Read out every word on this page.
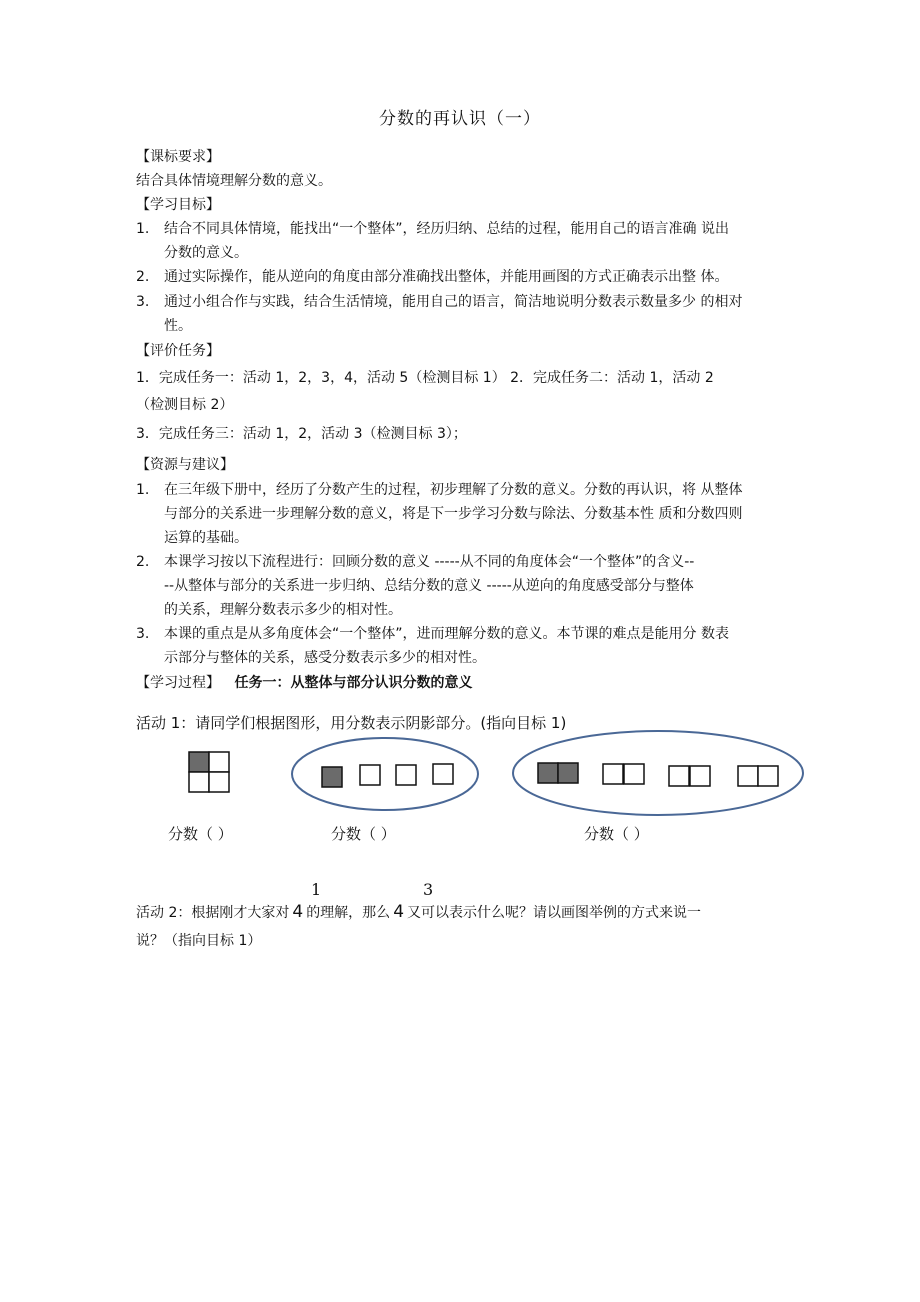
分数的再认识（一）
【课标要求】
结合具体情境理解分数的意义。
【学习目标】
1. 结合不同具体情境，能找出“一个整体”，经历归纳、总结的过程，能用自己的语言准确 说出
分数的意义。
2. 通过实际操作，能从逆向的角度由部分准确找出整体，并能用画图的方式正确表示出整 体。
3. 通过小组合作与实践，结合生活情境，能用自己的语言，简洁地说明分数表示数量多少 的相对
性。
【评价任务】
1．完成任务一：活动 1，2，3，4，活动 5（检测目标 1） 2．完成任务二：活动 1，活动 2
（检测目标 2）
3．完成任务三：活动 1，2，活动 3（检测目标 3）；
【资源与建议】
1. 在三年级下册中，经历了分数产生的过程，初步理解了分数的意义。分数的再认识，将 从整体
与部分的关系进一步理解分数的意义，将是下一步学习分数与除法、分数基本性 质和分数四则
运算的基础。
2. 本课学习按以下流程进行：回顾分数的意义 -----从不同的角度体会“一个整体”的含义--
--从整体与部分的关系进一步归纳、总结分数的意义 -----从逆向的角度感受部分与整体
的关系，理解分数表示多少的相对性。
3. 本课的重点是从多角度体会“一个整体”，进而理解分数的意义。本节课的难点是能用分 数表
示部分与整体的关系，感受分数表示多少的相对性。
【学习过程】 任务一：从整体与部分认识分数的意义
活动 1：请同学们根据图形，用分数表示阴影部分。(指向目标 1)
分数（ ）	分数（ ）	分数（ ）
1	3
活动 2：根据刚才大家对 4 的理解，那么 4 又可以表示什么呢？请以画图举例的方式来说一
说？（指向目标 1）
